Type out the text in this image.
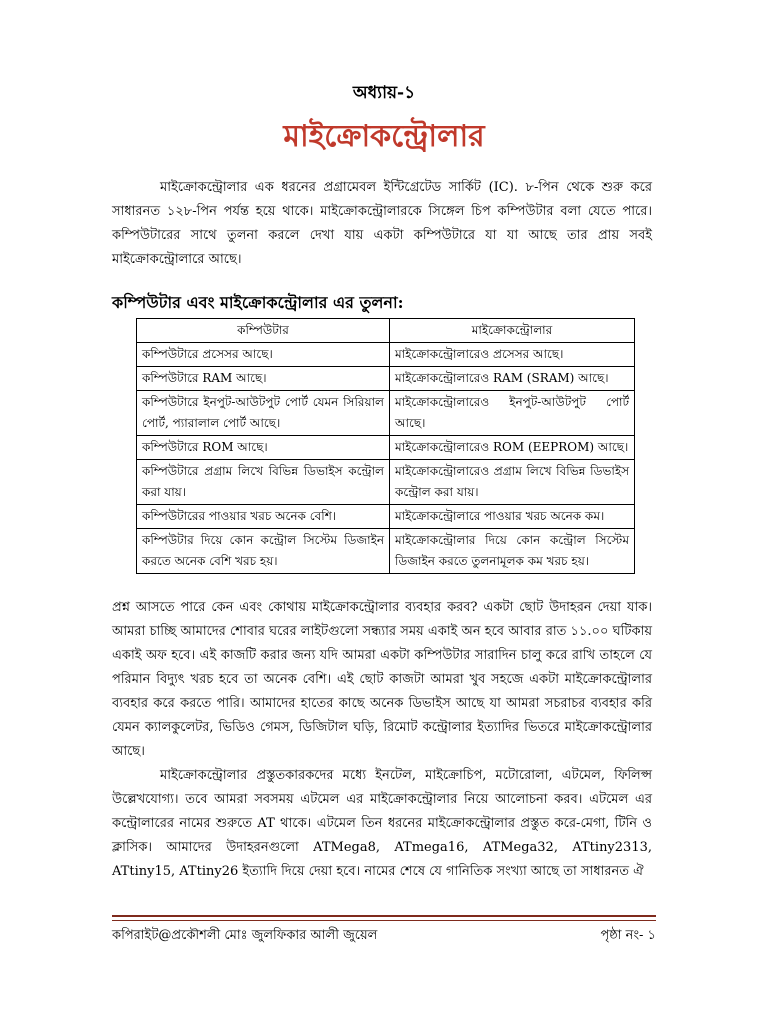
অধ্যায়-১
মাইক্রোকন্ট্রোলার
মাইক্রোকন্ট্রোলার এক ধরনের প্রগ্রামেবল ইন্টিগ্রেটেড সার্কিট (IC). ৮-পিন থেকে শুরু করে সাধারনত ১২৮-পিন পর্যন্ত হয়ে থাকে। মাইক্রোকন্ট্রোলারকে সিঙ্গেল চিপ কম্পিউটার বলা যেতে পারে। কম্পিউটারের সাথে তুলনা করলে দেখা যায় একটা কম্পিউটারে যা যা আছে তার প্রায় সবই মাইক্রোকন্ট্রোলারে আছে।
কম্পিউটার এবং মাইক্রোকন্ট্রোলার এর তুলনা:
কম্পিউটার	মাইক্রোকন্ট্রোলার
কম্পিউটারে প্রসেসর আছে।	মাইক্রোকন্ট্রোলারেও প্রসেসর আছে।
কম্পিউটারে RAM আছে।	মাইক্রোকন্ট্রোলারেও RAM (SRAM) আছে।
কম্পিউটারে ইনপুট-আউটপুট পোর্ট যেমন সিরিয়াল পোর্ট, প্যারালাল পোর্ট আছে।	মাইক্রোকন্ট্রোলারেও ইনপুট-আউটপুট পোর্ট আছে।
কম্পিউটারে ROM আছে।	মাইক্রোকন্ট্রোলারেও ROM (EEPROM) আছে।
কম্পিউটারে প্রগ্রাম লিখে বিভিন্ন ডিভাইস কন্ট্রোল করা যায়।	মাইক্রোকন্ট্রোলারেও প্রগ্রাম লিখে বিভিন্ন ডিভাইস কন্ট্রোল করা যায়।
কম্পিউটারের পাওয়ার খরচ অনেক বেশি।	মাইক্রোকন্ট্রোলারে পাওয়ার খরচ অনেক কম।
কম্পিউটার দিয়ে কোন কন্ট্রোল সিস্টেম ডিজাইন করতে অনেক বেশি খরচ হয়।	মাইক্রোকন্ট্রোলার দিয়ে কোন কন্ট্রোল সিস্টেম ডিজাইন করতে তুলনামূলক কম খরচ হয়।
প্রশ্ন আসতে পারে কেন এবং কোথায় মাইক্রোকন্ট্রোলার ব্যবহার করব? একটা ছোট উদাহরন দেয়া যাক। আমরা চাচ্ছি আমাদের শোবার ঘরের লাইটগুলো সন্ধ্যার সময় একাই অন হবে আবার রাত ১১.০০ ঘটিকায় একাই অফ হবে। এই কাজটি করার জন্য যদি আমরা একটা কম্পিউটার সারাদিন চালু করে রাখি তাহলে যে পরিমান বিদ্যুৎ খরচ হবে তা অনেক বেশি। এই ছোট কাজটা আমরা খুব সহজে একটা মাইক্রোকন্ট্রোলার ব্যবহার করে করতে পারি। আমাদের হাতের কাছে অনেক ডিভাইস আছে যা আমরা সচরাচর ব্যবহার করি যেমন ক্যালকুলেটর, ভিডিও গেমস, ডিজিটাল ঘড়ি, রিমোট কন্ট্রোলার ইত্যাদির ভিতরে মাইক্রোকন্ট্রোলার আছে।
মাইক্রোকন্ট্রোলার প্রস্তুতকারকদের মধ্যে ইনটেল, মাইক্রোচিপ, মটোরোলা, এটমেল, ফিলিপ্স উল্লেখযোগ্য। তবে আমরা সবসময় এটমেল এর মাইক্রোকন্ট্রোলার নিয়ে আলোচনা করব। এটমেল এর কন্ট্রোলারের নামের শুরুতে AT থাকে। এটমেল তিন ধরনের মাইক্রোকন্ট্রোলার প্রস্তুত করে-মেগা, টিনি ও ক্লাসিক। আমাদের উদাহরনগুলো ATMega8, ATmega16, ATMega32, ATtiny2313, ATtiny15, ATtiny26 ইত্যাদি দিয়ে দেয়া হবে। নামের শেষে যে গানিতিক সংখ্যা আছে তা সাধারনত ঐ
কপিরাইট@প্রকৌশলী মোঃ জুলফিকার আলী জুয়েল	পৃষ্ঠা নং- ১
